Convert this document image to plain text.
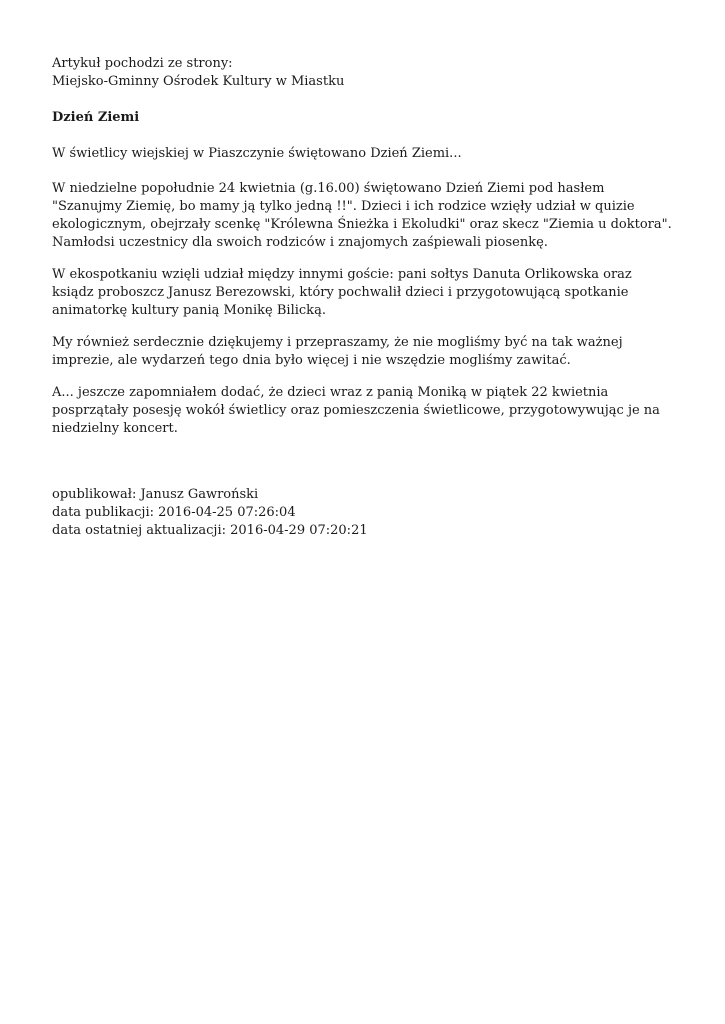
Artykuł pochodzi ze strony:

Miejsko-Gminny Ośrodek Kultury w Miastku

Dzień Ziemi

W świetlicy wiejskiej w Piaszczynie świętowano Dzień Ziemi...

W niedzielne popołudnie 24 kwietnia (g.16.00) świętowano Dzień Ziemi pod hasłem "Szanujmy Ziemię, bo mamy ją tylko jedną !!". Dzieci i ich rodzice wzięły udział w quizie ekologicznym, obejrzały scenkę "Królewna Śnieżka i Ekoludki" oraz skecz "Ziemia u doktora". Namłodsi uczestnicy dla swoich rodziców i znajomych zaśpiewali piosenkę.

W ekospotkaniu wzięli udział między innymi goście: pani sołtys Danuta Orlikowska oraz ksiądz proboszcz Janusz Berezowski, który pochwalił dzieci i przygotowującą spotkanie animatorkę kultury panią Monikę Bilicką.

My również serdecznie dziękujemy i przepraszamy, że nie mogliśmy być na tak ważnej imprezie, ale wydarzeń tego dnia było więcej i nie wszędzie mogliśmy zawitać.

A... jeszcze zapomniałem dodać, że dzieci wraz z panią Moniką w piątek 22 kwietnia posprzątały posesję wokół świetlicy oraz pomieszczenia świetlicowe, przygotowywując je na niedzielny koncert.

opublikował: Janusz Gawroński

data publikacji: 2016-04-25 07:26:04

data ostatniej aktualizacji: 2016-04-29 07:20:21
